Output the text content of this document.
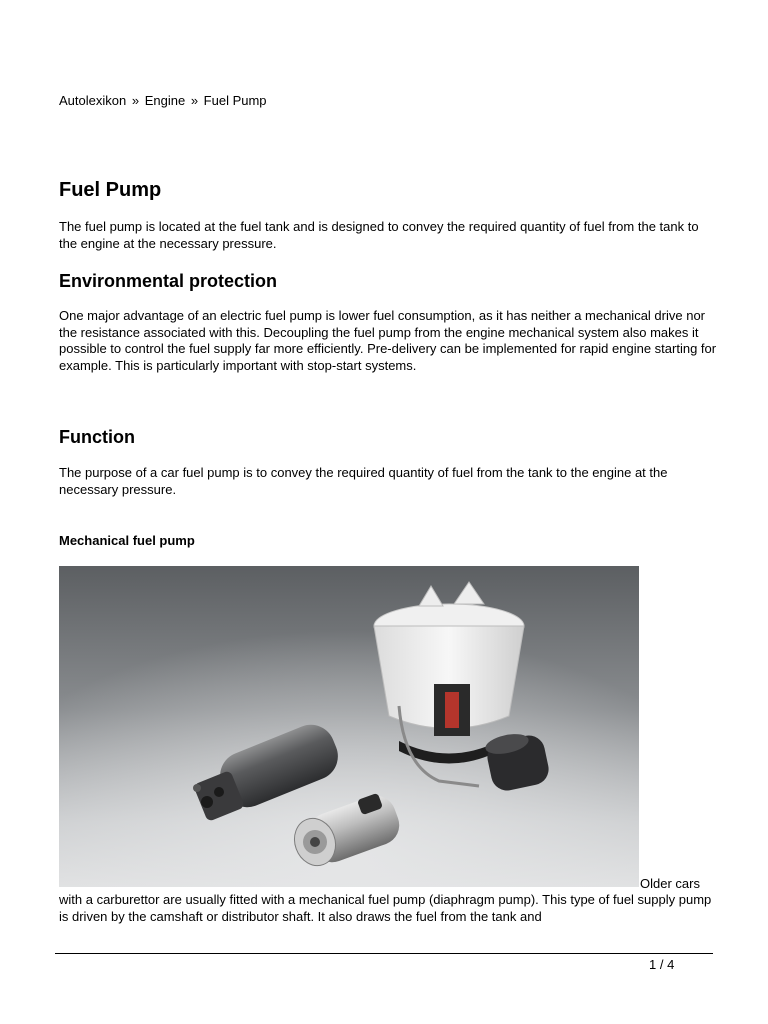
Autolexikon » Engine » Fuel Pump
Fuel Pump

The fuel pump is located at the fuel tank and is designed to convey the required quantity of fuel from the tank to the engine at the necessary pressure.

Environmental protection

One major advantage of an electric fuel pump is lower fuel consumption, as it has neither a mechanical drive nor the resistance associated with this. Decoupling the fuel pump from the engine mechanical system also makes it possible to control the fuel supply far more efficiently. Pre-delivery can be implemented for rapid engine starting for example. This is particularly important with stop-start systems.

Function

The purpose of a car fuel pump is to convey the required quantity of fuel from the tank to the engine at the necessary pressure.

Mechanical fuel pump
Older cars

with a carburettor are usually fitted with a mechanical fuel pump (diaphragm pump). This type of fuel supply pump is driven by the camshaft or distributor shaft. It also draws the fuel from the tank and

1 / 4
